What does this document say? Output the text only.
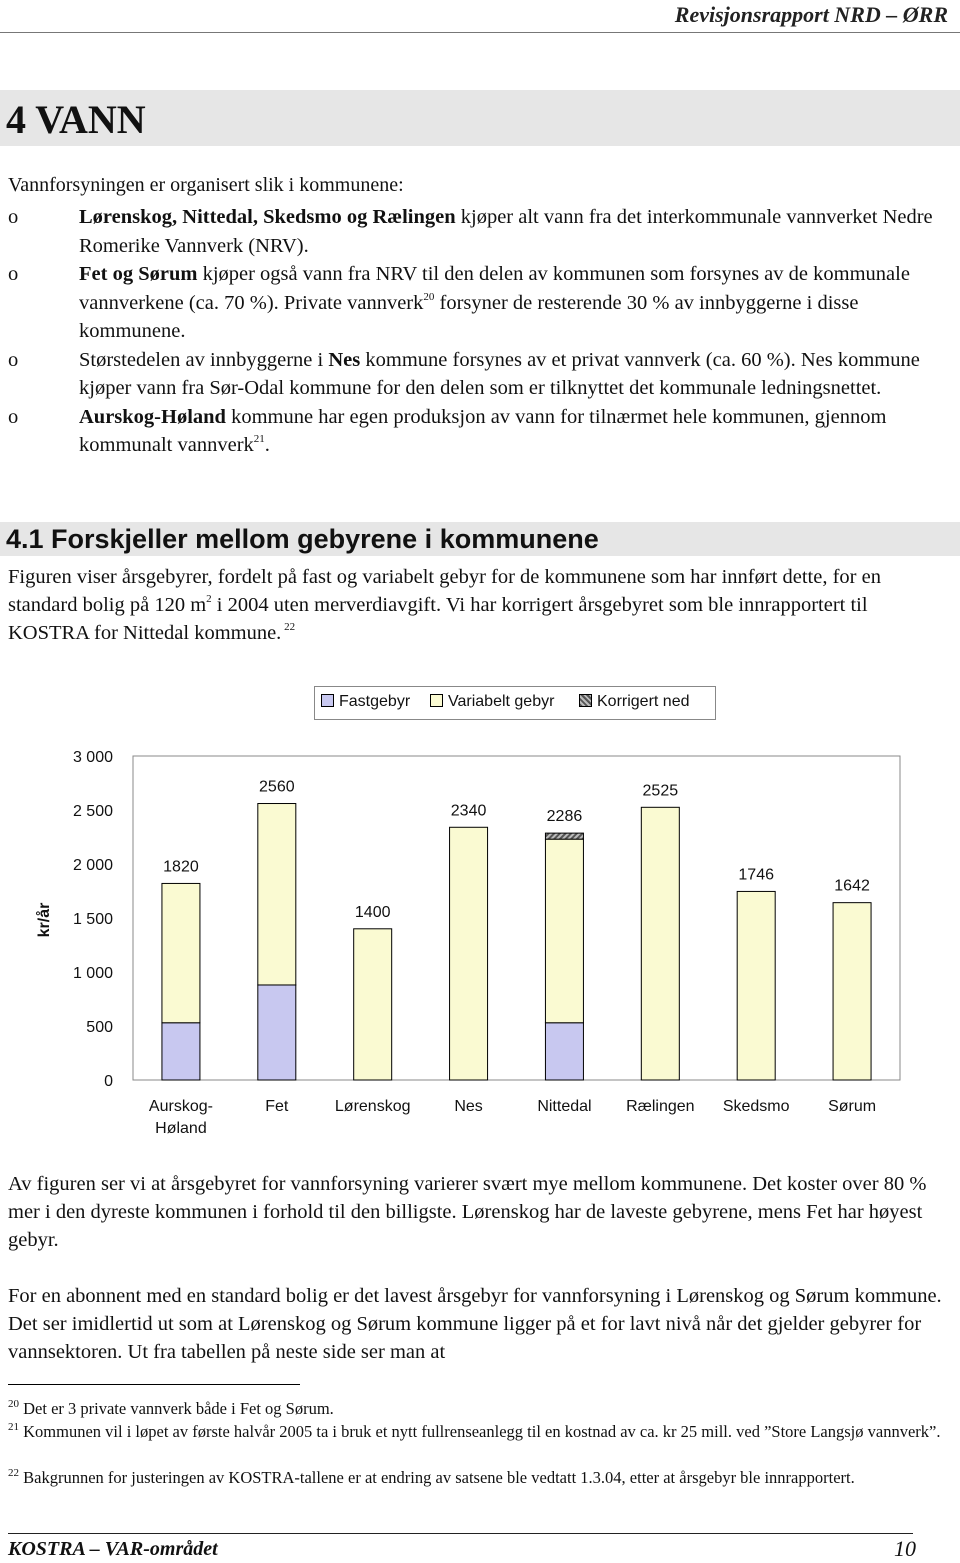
Revisjonsrapport NRD – ØRR
4 VANN
Vannforsyningen er organisert slik i kommunene:
o	Lørenskog, Nittedal, Skedsmo og Rælingen kjøper alt vann fra det interkommunale vannverket Nedre Romerike Vannverk (NRV).
o	Fet og Sørum kjøper også vann fra NRV til den delen av kommunen som forsynes av de kommunale vannverkene (ca. 70 %). Private vannverk$^{20}$ forsyner de resterende 30 % av innbyggerne i disse kommunene.
o	Størstedelen av innbyggerne i Nes kommune forsynes av et privat vannverk (ca. 60 %). Nes kommune kjøper vann fra Sør-Odal kommune for den delen som er tilknyttet det kommunale ledningsnettet.
o	Aurskog-Høland kommune har egen produksjon av vann for tilnærmet hele kommunen, gjennom kommunalt vannverk$^{21}$.
4.1 Forskjeller mellom gebyrene i kommunene

Figuren viser årsgebyrer, fordelt på fast og variabelt gebyr for de kommunene som har innført dette, for en standard bolig på 120 $m^2$ i 2004 uten merverdiavgift. Vi har korrigert årsgebyret som ble innrapportert til KOSTRA for Nittedal kommune. $^{22}$

Fastgebyr	Variabelt gebyr	Korrigert ned
0
500
1 000
1 500
2 000
2 500
3 000
kr/år
1820
Aurskog-
Høland
2560
Fet
1400
Lørenskog
2340
Nes
2286
Nittedal
2525
Rælingen
1746
Skedsmo
1642
Sørum

Av figuren ser vi at årsgebyret for vannforsyning varierer svært mye mellom kommunene. Det koster over 80 % mer i den dyreste kommunen i forhold til den billigste. Lørenskog har de laveste gebyrene, mens Fet har høyest gebyr.

For en abonnent med en standard bolig er det lavest årsgebyr for vannforsyning i Lørenskog og Sørum kommune. Det ser imidlertid ut som at Lørenskog og Sørum kommune ligger på et for lavt nivå når det gjelder gebyrer for vannsektoren. Ut fra tabellen på neste side ser man at

$^{20}$ Det er 3 private vannverk både i Fet og Sørum.

$^{21}$ Kommunen vil i løpet av første halvår 2005 ta i bruk et nytt fullrenseanlegg til en kostnad av ca. kr 25 mill. ved ”Store Langsjø vannverk”.

$^{22}$ Bakgrunnen for justeringen av KOSTRA-tallene er at endring av satsene ble vedtatt 1.3.04, etter at årsgebyr ble innrapportert.

KOSTRA – VAR-området	10
